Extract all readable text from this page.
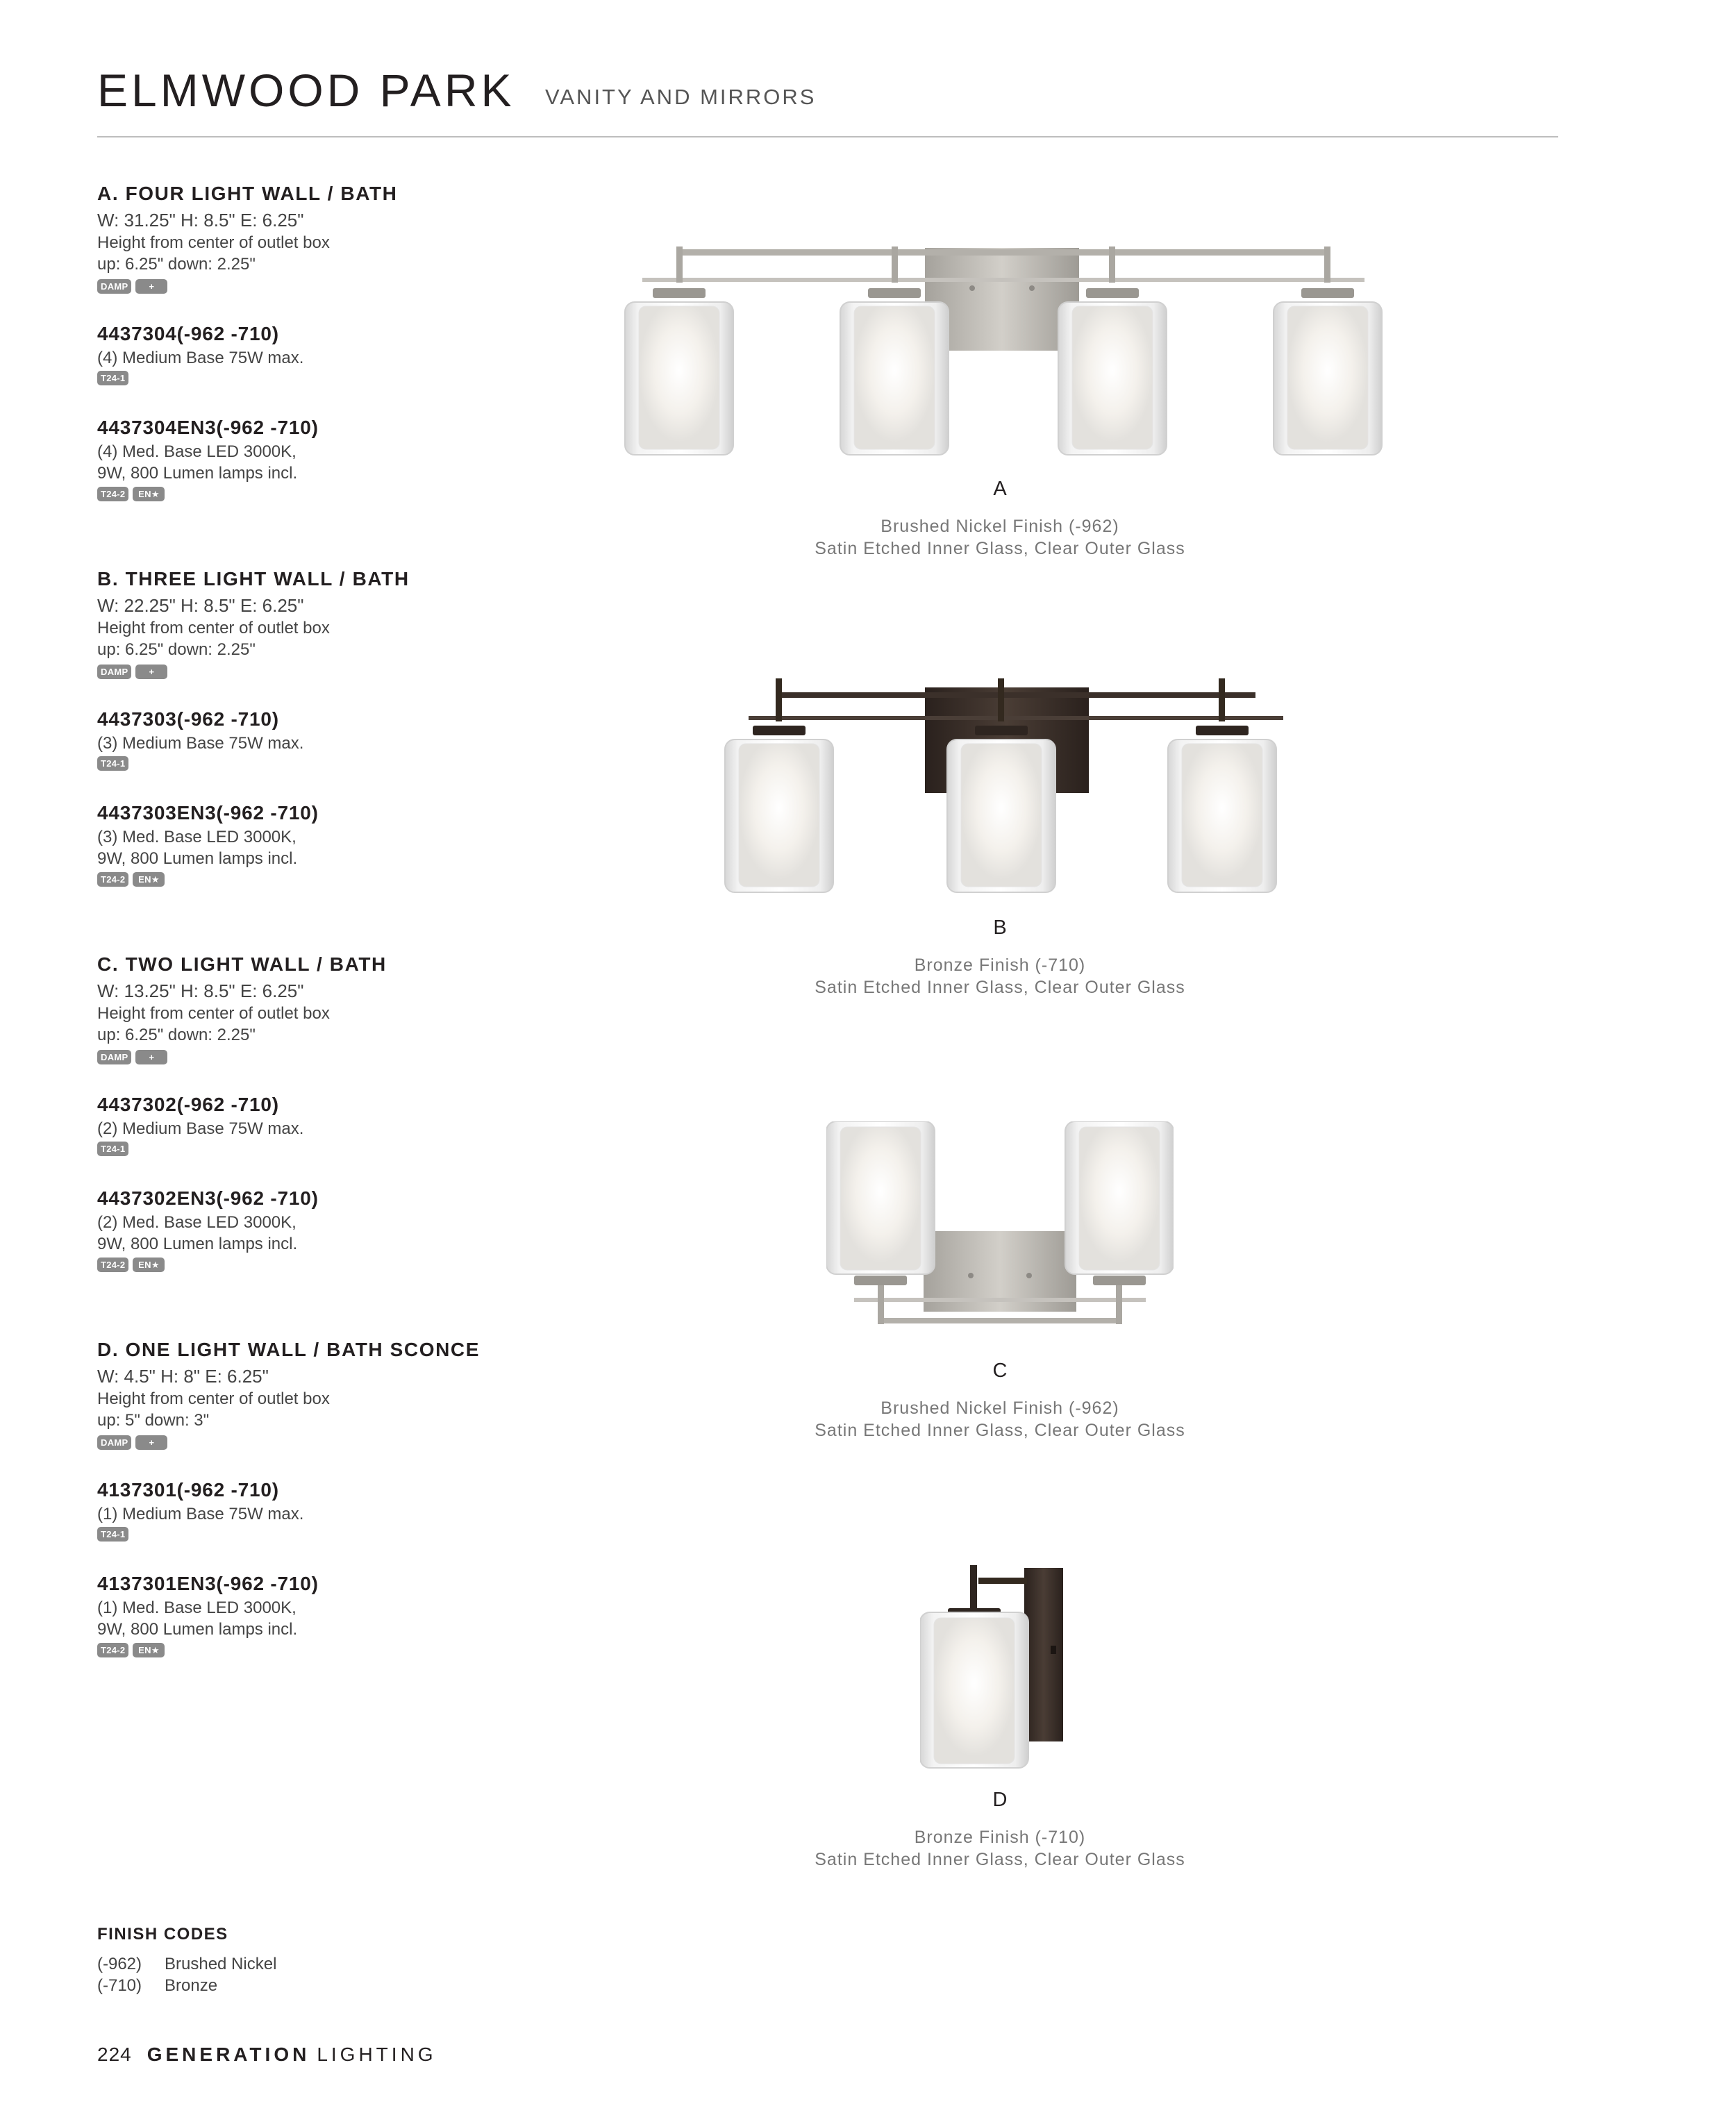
ELMWOOD PARK VANITY AND MIRRORS
A. FOUR LIGHT WALL / BATH
W: 31.25" H: 8.5" E: 6.25"
Height from center of outlet box
up: 6.25" down: 2.25"
DAMP	+
4437304(-962 -710)
(4) Medium Base 75W max.
T24-1
4437304EN3(-962 -710)
(4) Med. Base LED 3000K,
9W, 800 Lumen lamps incl.
T24-2	EN★
B. THREE LIGHT WALL / BATH
W: 22.25" H: 8.5" E: 6.25"
Height from center of outlet box
up: 6.25" down: 2.25"
DAMP	+
4437303(-962 -710)
(3) Medium Base 75W max.
T24-1
4437303EN3(-962 -710)
(3) Med. Base LED 3000K,
9W, 800 Lumen lamps incl.
T24-2	EN★
C. TWO LIGHT WALL / BATH
W: 13.25" H: 8.5" E: 6.25"
Height from center of outlet box
up: 6.25" down: 2.25"
DAMP	+
4437302(-962 -710)
(2) Medium Base 75W max.
T24-1
4437302EN3(-962 -710)
(2) Med. Base LED 3000K,
9W, 800 Lumen lamps incl.
T24-2	EN★
D. ONE LIGHT WALL / BATH SCONCE
W: 4.5" H: 8" E: 6.25"
Height from center of outlet box
up: 5" down: 3"
DAMP	+
4137301(-962 -710)
(1) Medium Base 75W max.
T24-1
4137301EN3(-962 -710)
(1) Med. Base LED 3000K,
9W, 800 Lumen lamps incl.
T24-2	EN★
A
Brushed Nickel Finish (-962)
Satin Etched Inner Glass, Clear Outer Glass
B
Bronze Finish (-710)
Satin Etched Inner Glass, Clear Outer Glass
C
Brushed Nickel Finish (-962)
Satin Etched Inner Glass, Clear Outer Glass
D
Bronze Finish (-710)
Satin Etched Inner Glass, Clear Outer Glass
FINISH CODES
(-962) Brushed Nickel
(-710) Bronze
224 GENERATION LIGHTING
